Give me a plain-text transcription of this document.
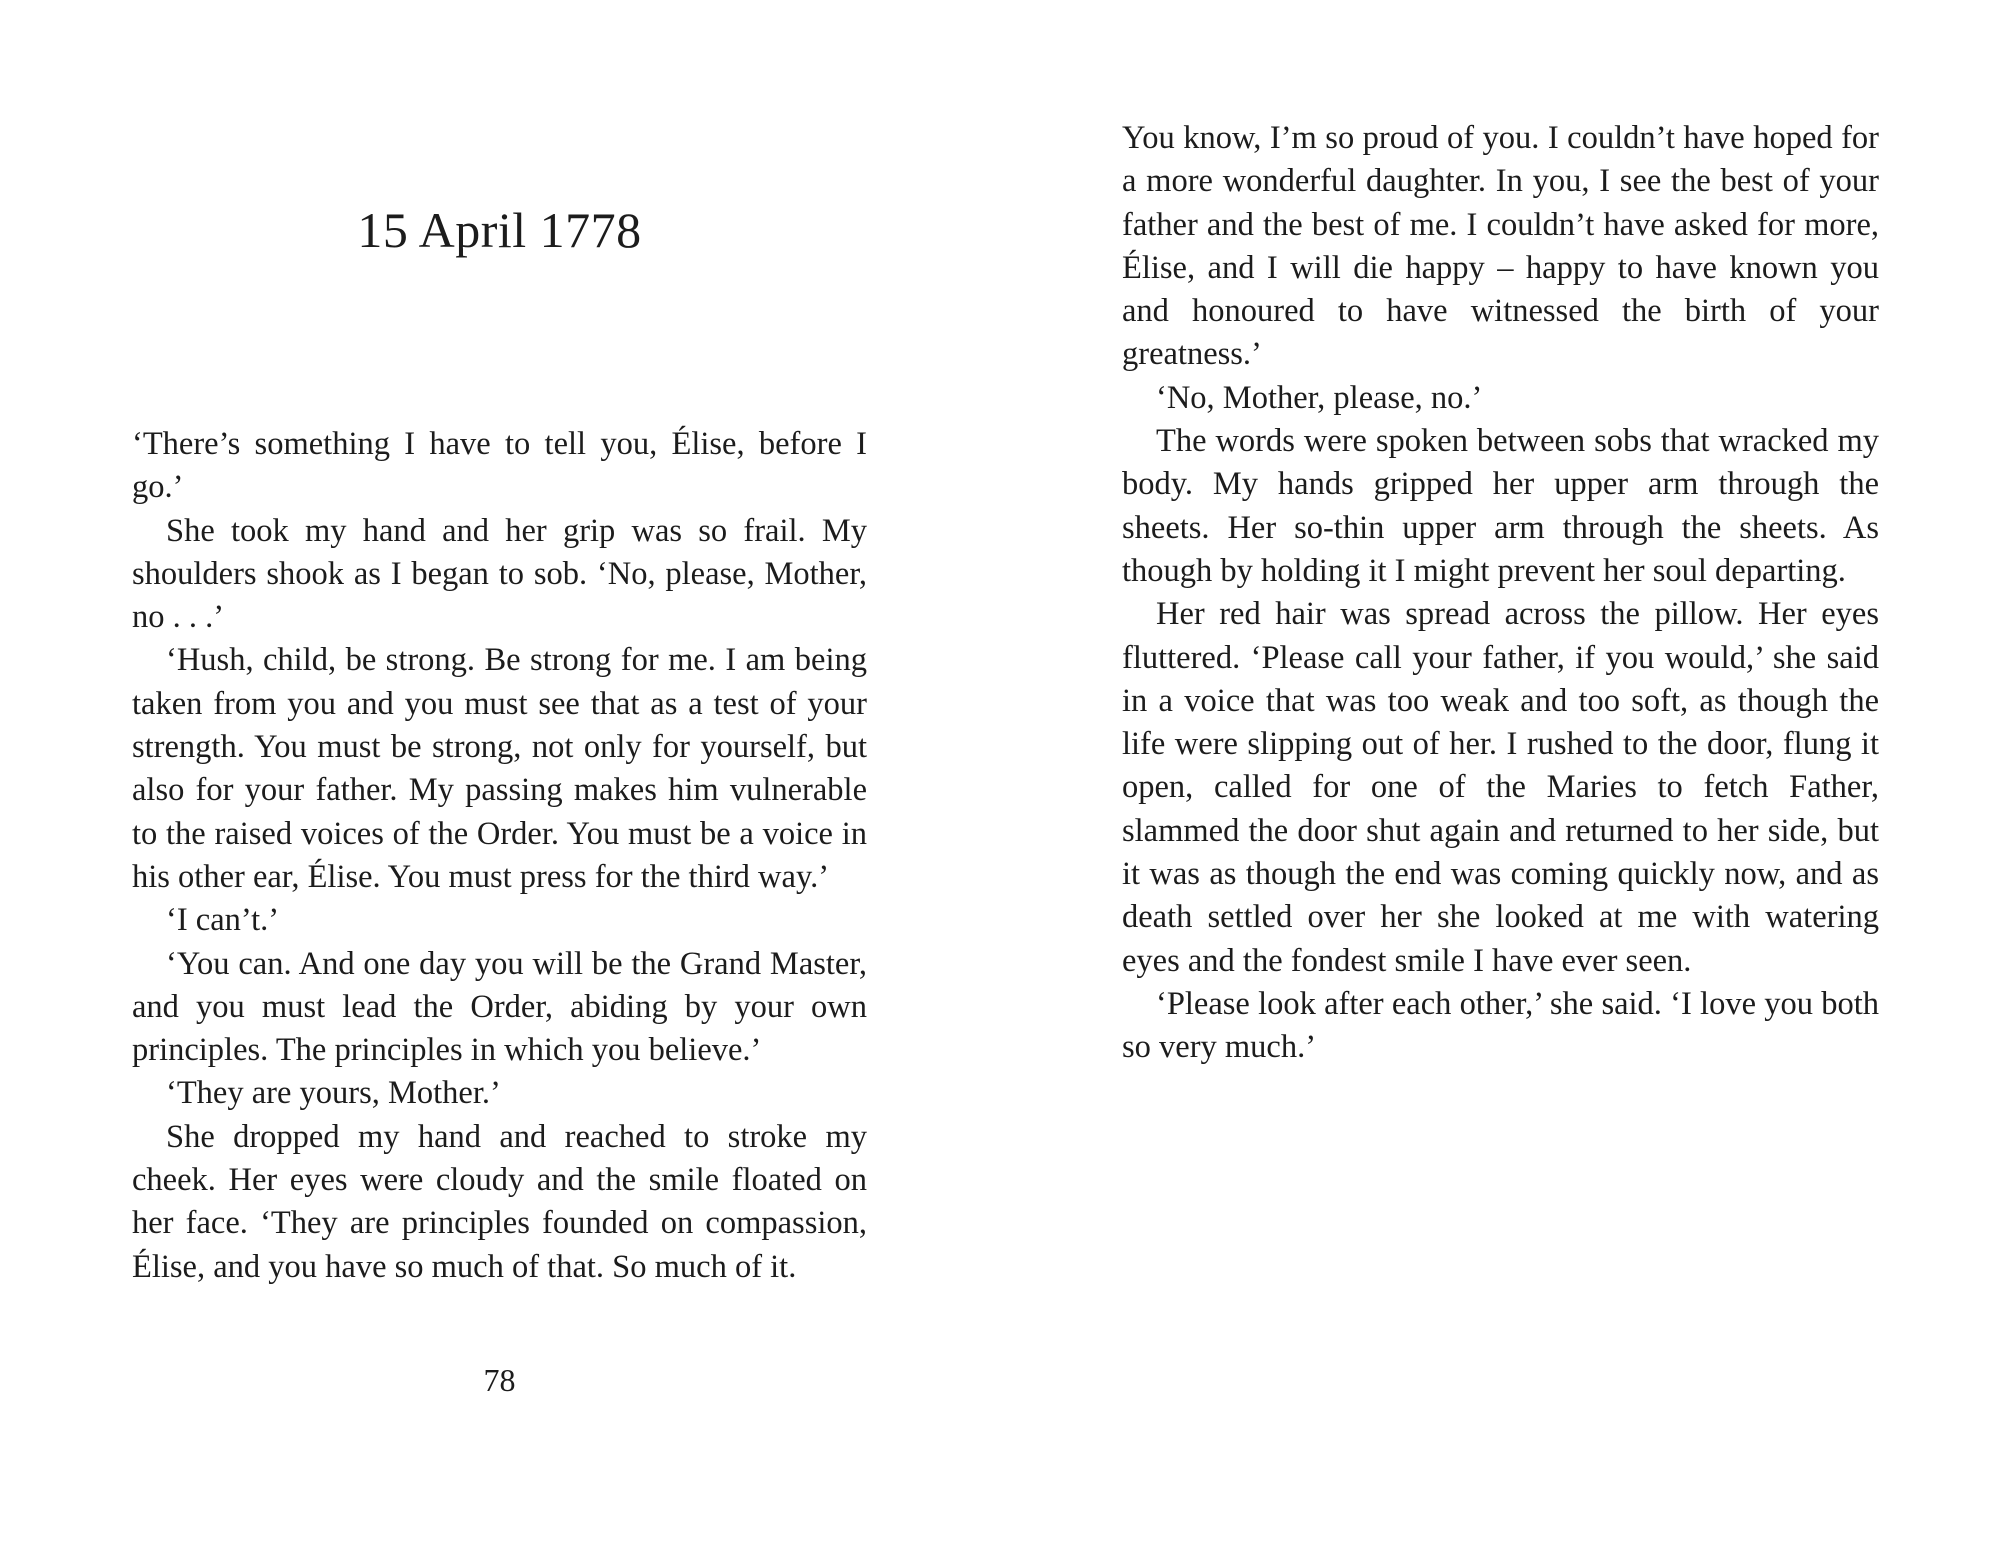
15 April 1778

‘There’s something I have to tell you, Élise, before I go.’

She took my hand and her grip was so frail. My shoulders shook as I began to sob. ‘No, please, Mother, no . . .’

‘Hush, child, be strong. Be strong for me. I am being taken from you and you must see that as a test of your strength. You must be strong, not only for yourself, but also for your father. My passing makes him vulnerable to the raised voices of the Order. You must be a voice in his other ear, Élise. You must press for the third way.’

‘I can’t.’

‘You can. And one day you will be the Grand Master, and you must lead the Order, abiding by your own principles. The principles in which you believe.’

‘They are yours, Mother.’

She dropped my hand and reached to stroke my cheek. Her eyes were cloudy and the smile floated on her face. ‘They are principles founded on compassion, Élise, and you have so much of that. So much of it.

78

You know, I’m so proud of you. I couldn’t have hoped for a more wonderful daughter. In you, I see the best of your father and the best of me. I couldn’t have asked for more, Élise, and I will die happy – happy to have known you and honoured to have witnessed the birth of your greatness.’

‘No, Mother, please, no.’

The words were spoken between sobs that wracked my body. My hands gripped her upper arm through the sheets. Her so-thin upper arm through the sheets. As though by holding it I might prevent her soul departing.

Her red hair was spread across the pillow. Her eyes fluttered. ‘Please call your father, if you would,’ she said in a voice that was too weak and too soft, as though the life were slipping out of her. I rushed to the door, flung it open, called for one of the Maries to fetch Father, slammed the door shut again and returned to her side, but it was as though the end was coming quickly now, and as death settled over her she looked at me with watering eyes and the fondest smile I have ever seen.

‘Please look after each other,’ she said. ‘I love you both so very much.’
